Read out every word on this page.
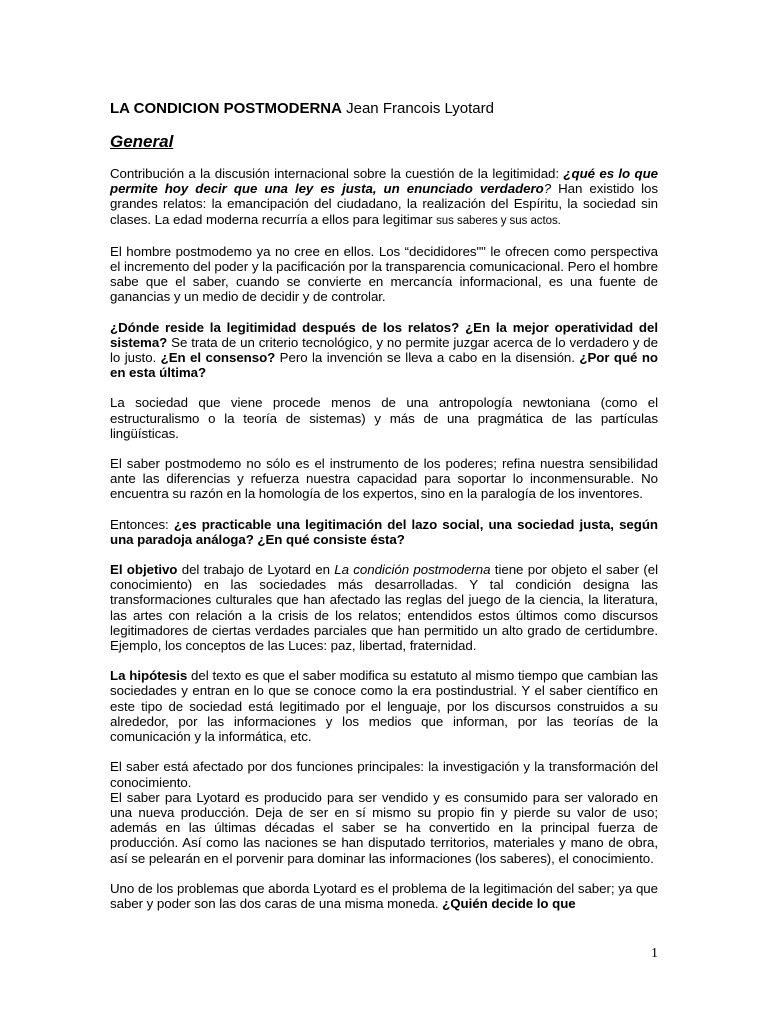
LA CONDICION POSTMODERNA Jean Francois Lyotard
General

Contribución a la discusión internacional sobre la cuestión de la legitimidad: ¿qué es lo que permite hoy decir que una ley es justa, un enunciado verdadero? Han existido los grandes relatos: la emancipación del ciudadano, la realización del Espíritu, la sociedad sin clases. La edad moderna recurría a ellos para legitimar sus saberes y sus actos.

El hombre postmodemo ya no cree en ellos. Los “decididores"" le ofrecen como perspectiva el incremento del poder y la pacificación por la transparencia comunicacional. Pero el hombre sabe que el saber, cuando se convierte en mercancía informacional, es una fuente de ganancias y un medio de decidir y de controlar.

¿Dónde reside la legitimidad después de los relatos? ¿En la mejor operatividad del sistema? Se trata de un criterio tecnológico, y no permite juzgar acerca de lo verdadero y de lo justo. ¿En el consenso? Pero la invención se lleva a cabo en la disensión. ¿Por qué no en esta última?

La sociedad que viene procede menos de una antropología newtoniana (como el estructuralismo o la teoría de sistemas) y más de una pragmática de las partículas lingüísticas.

El saber postmodemo no sólo es el instrumento de los poderes; refina nuestra sensibilidad ante las diferencias y refuerza nuestra capacidad para soportar lo inconmensurable. No encuentra su razón en la homología de los expertos, sino en la paralogía de los inventores.

Entonces: ¿es practicable una legitimación del lazo social, una sociedad justa, según una paradoja análoga? ¿En qué consiste ésta?

El objetivo del trabajo de Lyotard en La condición postmoderna tiene por objeto el saber (el conocimiento) en las sociedades más desarrolladas. Y tal condición designa las transformaciones culturales que han afectado las reglas del juego de la ciencia, la literatura, las artes con relación a la crisis de los relatos; entendidos estos últimos como discursos legitimadores de ciertas verdades parciales que han permitido un alto grado de certidumbre. Ejemplo, los conceptos de las Luces: paz, libertad, fraternidad.

La hipótesis del texto es que el saber modifica su estatuto al mismo tiempo que cambian las sociedades y entran en lo que se conoce como la era postindustrial. Y el saber científico en este tipo de sociedad está legitimado por el lenguaje, por los discursos construidos a su alrededor, por las informaciones y los medios que informan, por las teorías de la comunicación y la informática, etc.

El saber está afectado por dos funciones principales: la investigación y la transformación del conocimiento.

El saber para Lyotard es producido para ser vendido y es consumido para ser valorado en una nueva producción. Deja de ser en sí mismo su propio fin y pierde su valor de uso; además en las últimas décadas el saber se ha convertido en la principal fuerza de producción. Así como las naciones se han disputado territorios, materiales y mano de obra, así se pelearán en el porvenir para dominar las informaciones (los saberes), el conocimiento.

Uno de los problemas que aborda Lyotard es el problema de la legitimación del saber; ya que saber y poder son las dos caras de una misma moneda. ¿Quién decide lo que

1
